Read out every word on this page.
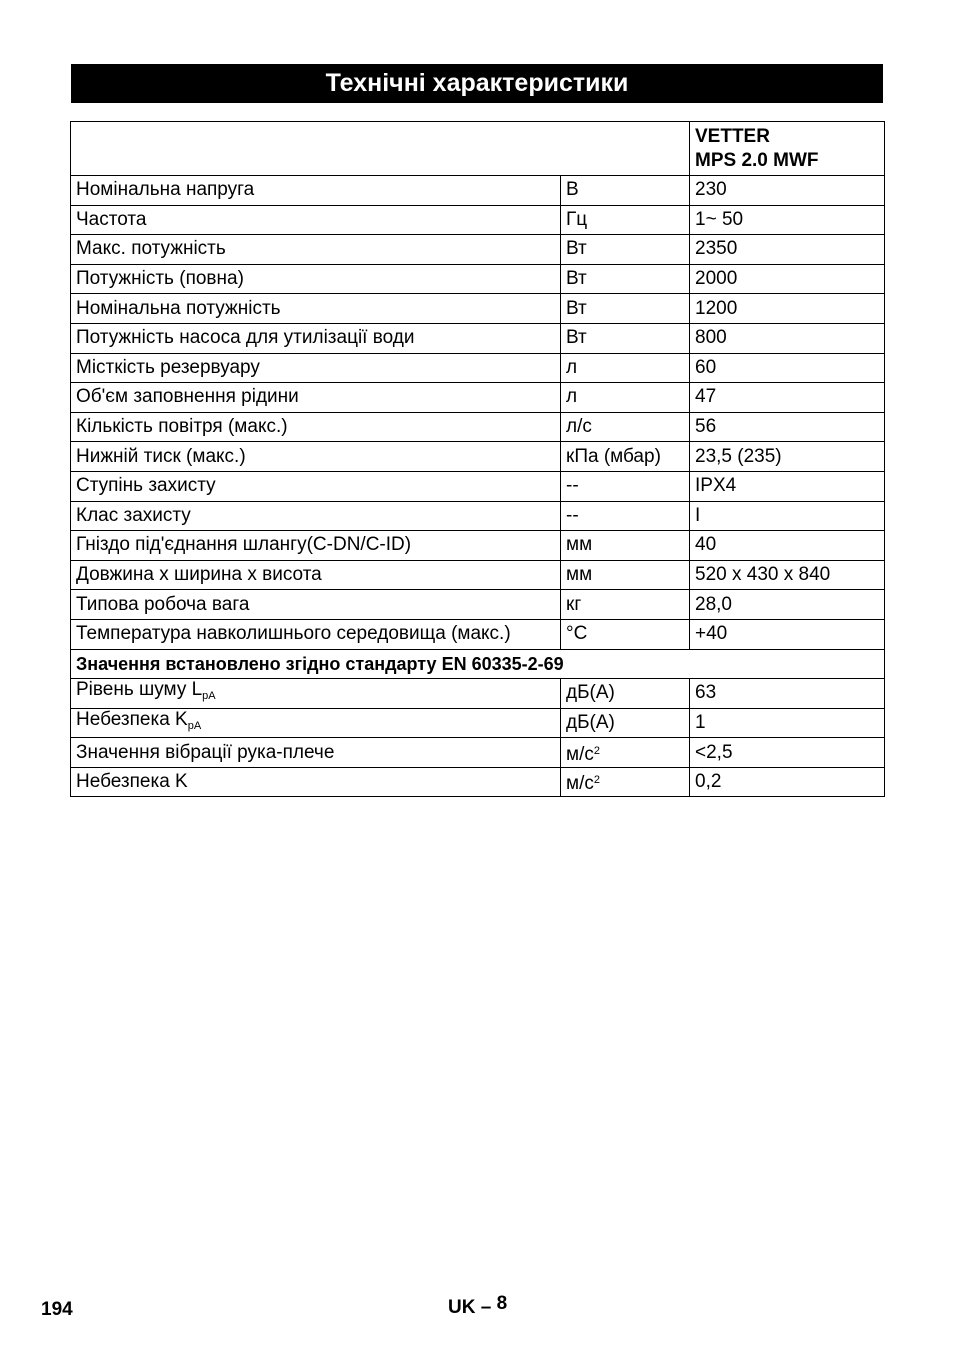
Технічні характеристики

		VETTER
MPS 2.0 MWF

Номінальна напруга	В	230
Частота	Гц	1~ 50
Макс. потужність	Вт	2350
Потужність (повна)	Вт	2000
Номінальна потужність	Вт	1200
Потужність насоса для утилізації води	Вт	800
Місткість резервуару	л	60
Об'єм заповнення рідини	л	47
Кількість повітря (макс.)	л/с	56
Нижній тиск (макс.)	кПа (мбар)	23,5 (235)
Ступінь захисту	--	IPX4
Клас захисту	--	I
Гніздо під'єднання шлангу(C-DN/C-ID)	мм	40
Довжина x ширина x висота	мм	520 x 430 x 840
Типова робоча вага	кг	28,0
Температура навколишнього середовища (макс.)	°C	+40
Значення встановлено згідно стандарту EN 60335-2-69		
Рівень шуму $L_{pA}$	дБ(A)	63
Небезпека $K_{pA}$	дБ(A)	1
Значення вібрації рука-плече	$м/с^2$	<2,5
Небезпека K	$м/с^2$	0,2
194	UK – 8
